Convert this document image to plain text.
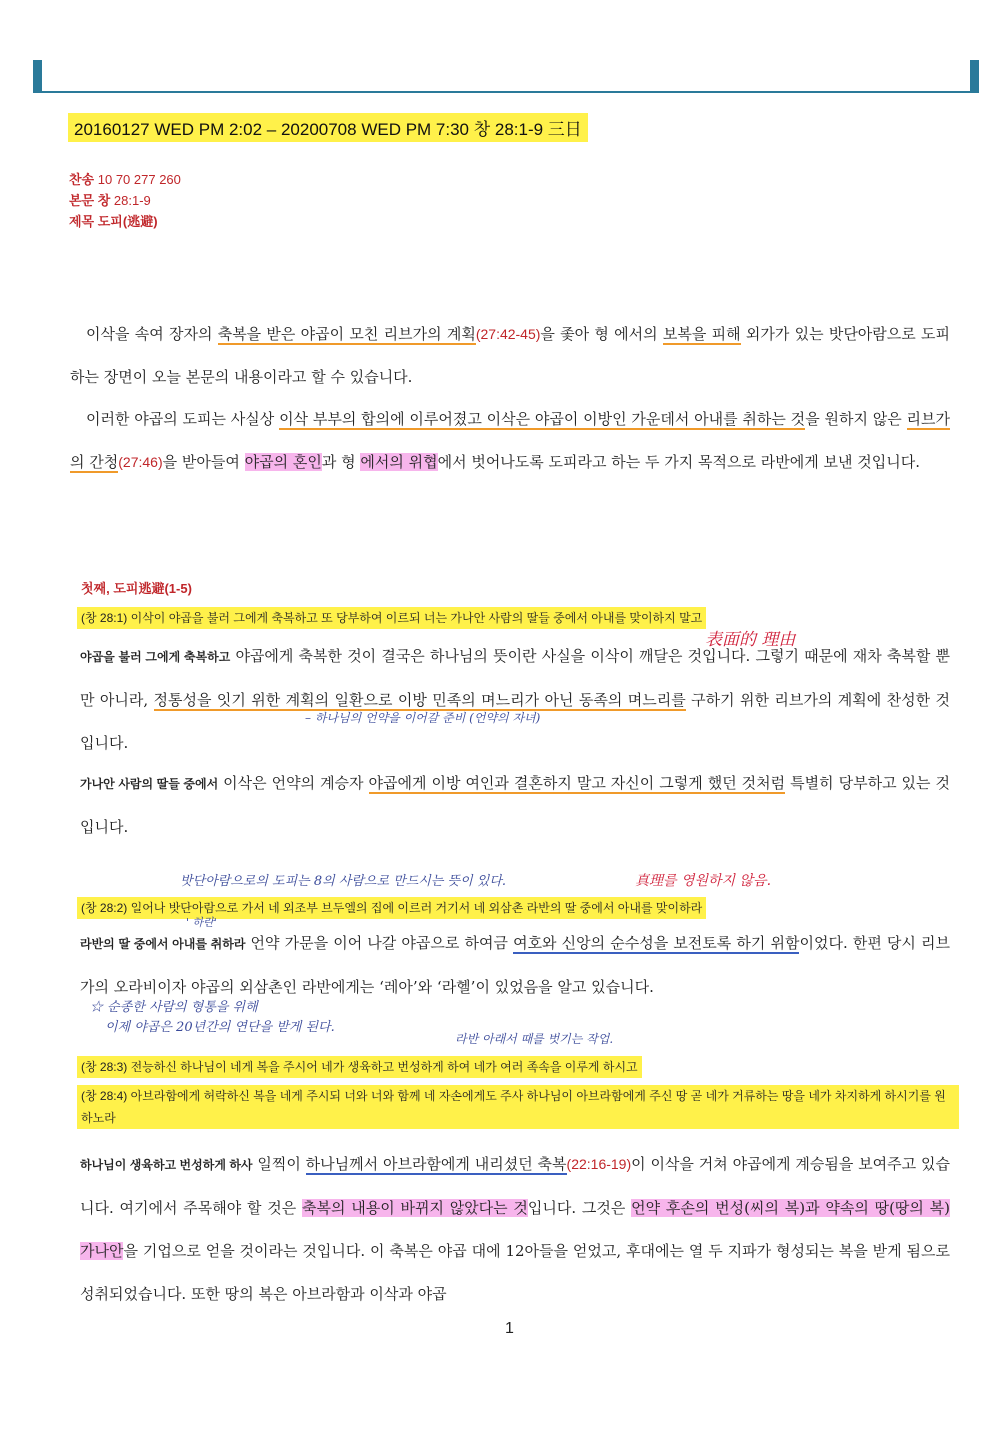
20160127 WED PM 2:02 – 20200708 WED PM 7:30 창 28:1-9 三日
찬송 10 70 277 260
본문 창 28:1-9
제목 도피(逃避)
이삭을 속여 장자의 축복을 받은 야곱이 모친 리브가의 계획(27:42-45)을 좇아 형 에서의 보복을 피해 외가가 있는 밧단아람으로 도피하는 장면이 오늘 본문의 내용이라고 할 수 있습니다.
이러한 야곱의 도피는 사실상 이삭 부부의 합의에 이루어졌고 이삭은 야곱이 이방인 가운데서 아내를 취하는 것을 원하지 않은 리브가의 간청(27:46)을 받아들여 야곱의 혼인과 형 에서의 위협에서 벗어나도록 도피라고 하는 두 가지 목적으로 라반에게 보낸 것입니다.
첫째, 도피逃避(1-5)
(창 28:1) 이삭이 야곱을 불러 그에게 축복하고 또 당부하여 이르되 너는 가나안 사람의 딸들 중에서 아내를 맞이하지 말고
表面的 理由
야곱을 불러 그에게 축복하고 야곱에게 축복한 것이 결국은 하나님의 뜻이란 사실을 이삭이 깨달은 것입니다. 그렇기 때문에 재차 축복할 뿐만 아니라, 정통성을 잇기 위한 계획의 일환으로 이방 민족의 며느리가 아닌 동족의 며느리를 구하기 위한 리브가의 계획에 찬성한 것입니다.
– 하나님의 언약을 이어갈 준비 (언약의 자녀)
가나안 사람의 딸들 중에서 이삭은 언약의 계승자 야곱에게 이방 여인과 결혼하지 말고 자신이 그렇게 했던 것처럼 특별히 당부하고 있는 것입니다.
밧단아람으로의 도피는 8의 사람으로 만드시는 뜻이 있다.	真理를 영원하지 않음.
(창 28:2) 일어나 밧단아람으로 가서 네 외조부 브두엘의 집에 이르러 거기서 네 외삼촌 라반의 딸 중에서 아내를 맞이하라
' 하란'
라반의 딸 중에서 아내를 취하라 언약 가문을 이어 나갈 야곱으로 하여금 여호와 신앙의 순수성을 보전토록 하기 위함이었다. 한편 당시 리브가의 오라비이자 야곱의 외삼촌인 라반에게는 ‘레아’와 ‘라헬’이 있었음을 알고 있습니다.
☆ 순종한 사람의 형통을 위해
이제 야곱은 20년간의 연단을 받게 된다.
라반 아래서 때를 벗기는 작업.
(창 28:3) 전능하신 하나님이 네게 복을 주시어 네가 생육하고 번성하게 하여 네가 여러 족속을 이루게 하시고
(창 28:4) 아브라함에게 허락하신 복을 네게 주시되 너와 너와 함께 네 자손에게도 주사 하나님이 아브라함에게 주신 땅 곧 네가 거류하는 땅을 네가 차지하게 하시기를 원하노라
하나님이 생육하고 번성하게 하사 일찍이 하나님께서 아브라함에게 내리셨던 축복(22:16-19)이 이삭을 거쳐 야곱에게 계승됨을 보여주고 있습니다. 여기에서 주목해야 할 것은 축복의 내용이 바뀌지 않았다는 것입니다. 그것은 언약 후손의 번성(씨의 복)과 약속의 땅(땅의 복) 가나안을 기업으로 얻을 것이라는 것입니다. 이 축복은 야곱 대에 12아들을 얻었고, 후대에는 열 두 지파가 형성되는 복을 받게 됨으로 성취되었습니다. 또한 땅의 복은 아브라함과 이삭과 야곱
1
